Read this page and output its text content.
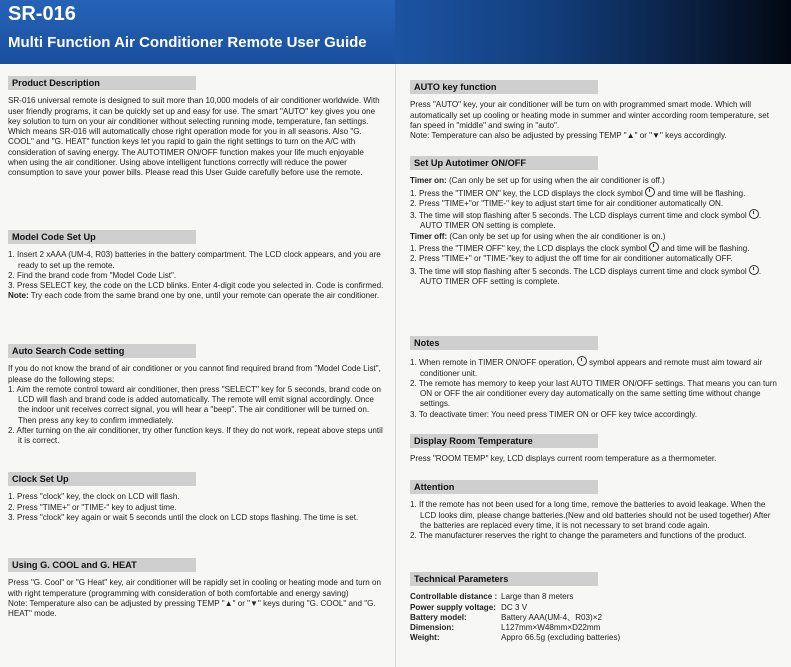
SR-016
Multi Function Air Conditioner Remote User Guide
Product Description

SR-016 universal remote is designed to suit more than 10,000 models of air conditioner worldwide. With user friendly programs, it can be quickly set up and easy for use. The smart "AUTO" key gives you one key solution to turn on your air conditioner without selecting running mode, temperature, fan settings. Which means SR-016 will automatically chose right operation mode for you in all seasons. Also "G. COOL" and "G. HEAT" function keys let you rapid to gain the right settings to turn on the A/C with consideration of saving energy. The AUTOTIMER ON/OFF function makes your life much enjoyable when using the air conditioner. Using above intelligent functions correctly will reduce the power consumption to save your power bills. Please read this User Guide carefully before use the remote.

Model Code Set Up
1. Insert 2 xAAA (UM-4, R03) batteries in the battery compartment. The LCD clock appears, and you are ready to set up the remote.
2. Find the brand code from "Model Code List".
3. Press SELECT key, the code on the LCD blinks. Enter 4-digit code you selected in. Code is confirmed.

Note: Try each code from the same brand one by one, until your remote can operate the air conditioner.

Auto Search Code setting

If you do not know the brand of air conditioner or you cannot find required brand from "Model Code List", please do the following steps:

1. Aim the remote control toward air conditioner, then press "SELECT" key for 5 seconds, brand code on LCD will flash and brand code is added automatically. The remote will emit signal accordingly. Once the indoor unit receives correct signal, you will hear a "beep". The air conditioner will be turned on. Then press any key to confirm immediately.
2. After turning on the air conditioner, try other function keys. If they do not work, repeat above steps until it is correct.
Clock Set Up
1. Press "clock" key, the clock on LCD will flash.
2. Press "TIME+" or "TIME-" key to adjust time.
3. Press "clock" key again or wait 5 seconds until the clock on LCD stops flashing. The time is set.
Using G. COOL and G. HEAT

Press "G. Cool" or "G Heat" key, air conditioner will be rapidly set in cooling or heating mode and turn on with right temperature (programming with consideration of both comfortable and energy saving)

Note: Temperature also can be adjusted by pressing TEMP "▲" or "▼" keys during "G. COOL" and "G. HEAT" mode.

AUTO key function

Press "AUTO" key, your air conditioner will be turn on with programmed smart mode. Which will automatically set up cooling or heating mode in summer and winter according room temperature, set fan speed in "middle" and swing in "auto".

Note: Temperature can also be adjusted by pressing TEMP "▲" or "▼" keys accordingly.

Set Up Autotimer ON/OFF

Timer on: (Can only be set up for using when the air conditioner is off.)

1. Press the "TIMER ON" key, the LCD displays the clock symbol and time will be flashing.
2. Press "TIME+"or "TIME-" key to adjust start time for air conditioner automatically ON.
3. The time will stop flashing after 5 seconds. The LCD displays current time and clock symbol . AUTO TIMER ON setting is complete.

Timer off: (Can only be set up for using when the air conditioner is on.)

1. Press the "TIMER OFF" key, the LCD displays the clock symbol and time will be flashing.
2. Press "TIME+" or "TIME-"key to adjust the off time for air conditioner automatically OFF.
3. The time will stop flashing after 5 seconds. The LCD displays current time and clock symbol . AUTO TIMER OFF setting is complete.
Notes
1. When remote in TIMER ON/OFF operation, symbol appears and remote must aim toward air conditioner unit.
2. The remote has memory to keep your last AUTO TIMER ON/OFF settings. That means you can turn ON or OFF the air conditioner every day automatically on the same setting time without change settings.
3. To deactivate timer: You need press TIMER ON or OFF key twice accordingly.
Display Room Temperature

Press "ROOM TEMP" key, LCD displays current room temperature as a thermometer.

Attention
1. If the remote has not been used for a long time, remove the batteries to avoid leakage. When the LCD looks dim, please change batteries.(New and old batteries should not be used together) After the batteries are replaced every time, it is not necessary to set brand code again.
2. The manufacturer reserves the right to change the parameters and functions of the product.
Technical Parameters
Controllable distance : Large than 8 meters
Power supply voltage: DC 3 V
Battery model:	Battery AAA(UM-4、R03)×2
Dimension:	L127mm×W48mm×D22mm
Weight:	Appro 66.5g (excluding batteries)
